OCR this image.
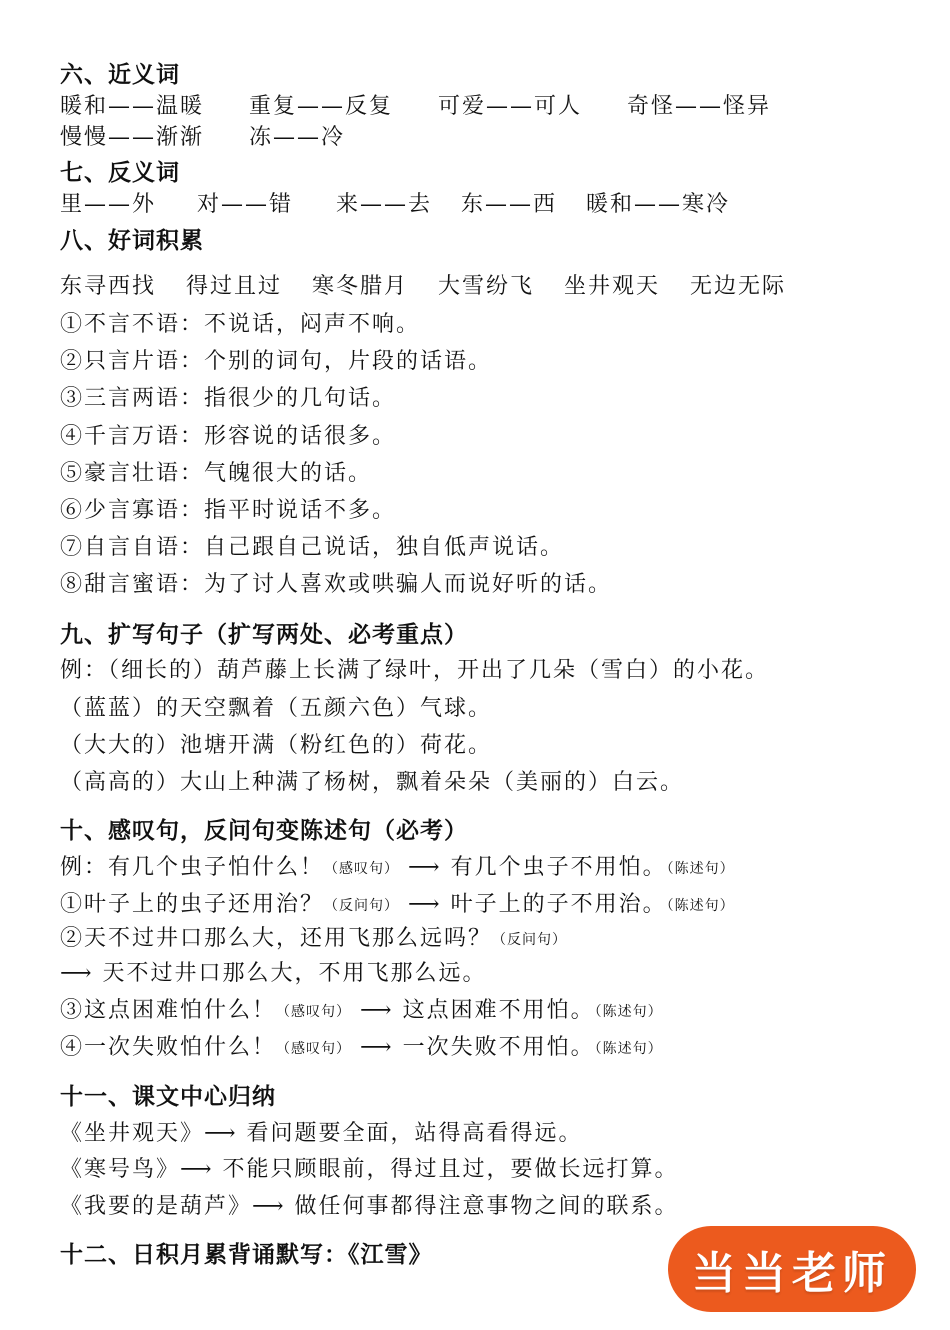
六、近义词
暖和——温暖 重复——反复 可爱——可人 奇怪——怪异
慢慢——渐渐 冻——冷
七、反义词
里——外 对——错 来——去 东——西 暖和——寒冷
八、好词积累
东寻西找 得过且过 寒冬腊月 大雪纷飞 坐井观天 无边无际
①不言不语：不说话，闷声不响。
②只言片语：个别的词句，片段的话语。
③三言两语：指很少的几句话。
④千言万语：形容说的话很多。
⑤豪言壮语：气魄很大的话。
⑥少言寡语：指平时说话不多。
⑦自言自语：自己跟自己说话，独自低声说话。
⑧甜言蜜语：为了讨人喜欢或哄骗人而说好听的话。
九、扩写句子（扩写两处、必考重点）
例：（细长的）葫芦藤上长满了绿叶，开出了几朵（雪白）的小花。
（蓝蓝）的天空飘着（五颜六色）气球。
（大大的）池塘开满（粉红色的）荷花。
（高高的）大山上种满了杨树，飘着朵朵（美丽的）白云。
十、感叹句，反问句变陈述句（必考）
例：有几个虫子怕什么！（感叹句） ⟶ 有几个虫子不用怕。（陈述句）
①叶子上的虫子还用治？（反问句） ⟶ 叶子上的子不用治。（陈述句）
②天不过井口那么大，还用飞那么远吗？（反问句）
⟶ 天不过井口那么大，不用飞那么远。
③这点困难怕什么！（感叹句） ⟶ 这点困难不用怕。（陈述句）
④一次失败怕什么！（感叹句） ⟶ 一次失败不用怕。（陈述句）
十一、课文中心归纳
《坐井观天》⟶ 看问题要全面，站得高看得远。
《寒号鸟》⟶ 不能只顾眼前，得过且过，要做长远打算。
《我要的是葫芦》⟶ 做任何事都得注意事物之间的联系。
十二、日积月累背诵默写：《江雪》	当当老师
